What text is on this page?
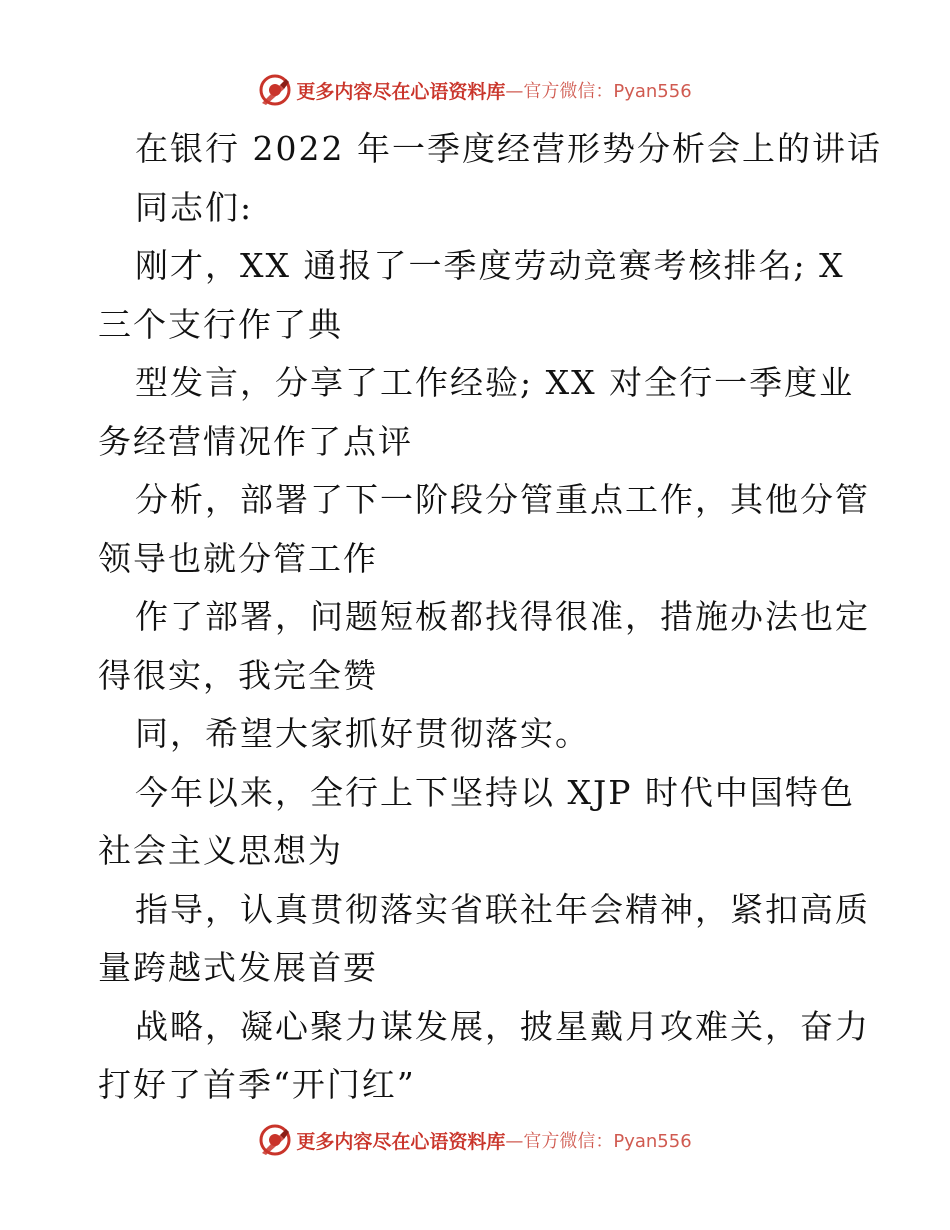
更多内容尽在心语资料库 —官方微信：Pyan556
在银行 2022 年一季度经营形势分析会上的讲话
同志们:
刚才，XX 通报了一季度劳动竞赛考核排名; X
三个支行作了典
型发言，分享了工作经验; XX 对全行一季度业
务经营情况作了点评
分析，部署了下一阶段分管重点工作，其他分管
领导也就分管工作
作了部署，问题短板都找得很准，措施办法也定
得很实，我完全赞
同，希望大家抓好贯彻落实。
今年以来，全行上下坚持以 XJP 时代中国特色
社会主义思想为
指导，认真贯彻落实省联社年会精神，紧扣高质
量跨越式发展首要
战略，凝心聚力谋发展，披星戴月攻难关，奋力
打好了首季“开门红”
更多内容尽在心语资料库 —官方微信：Pyan556
